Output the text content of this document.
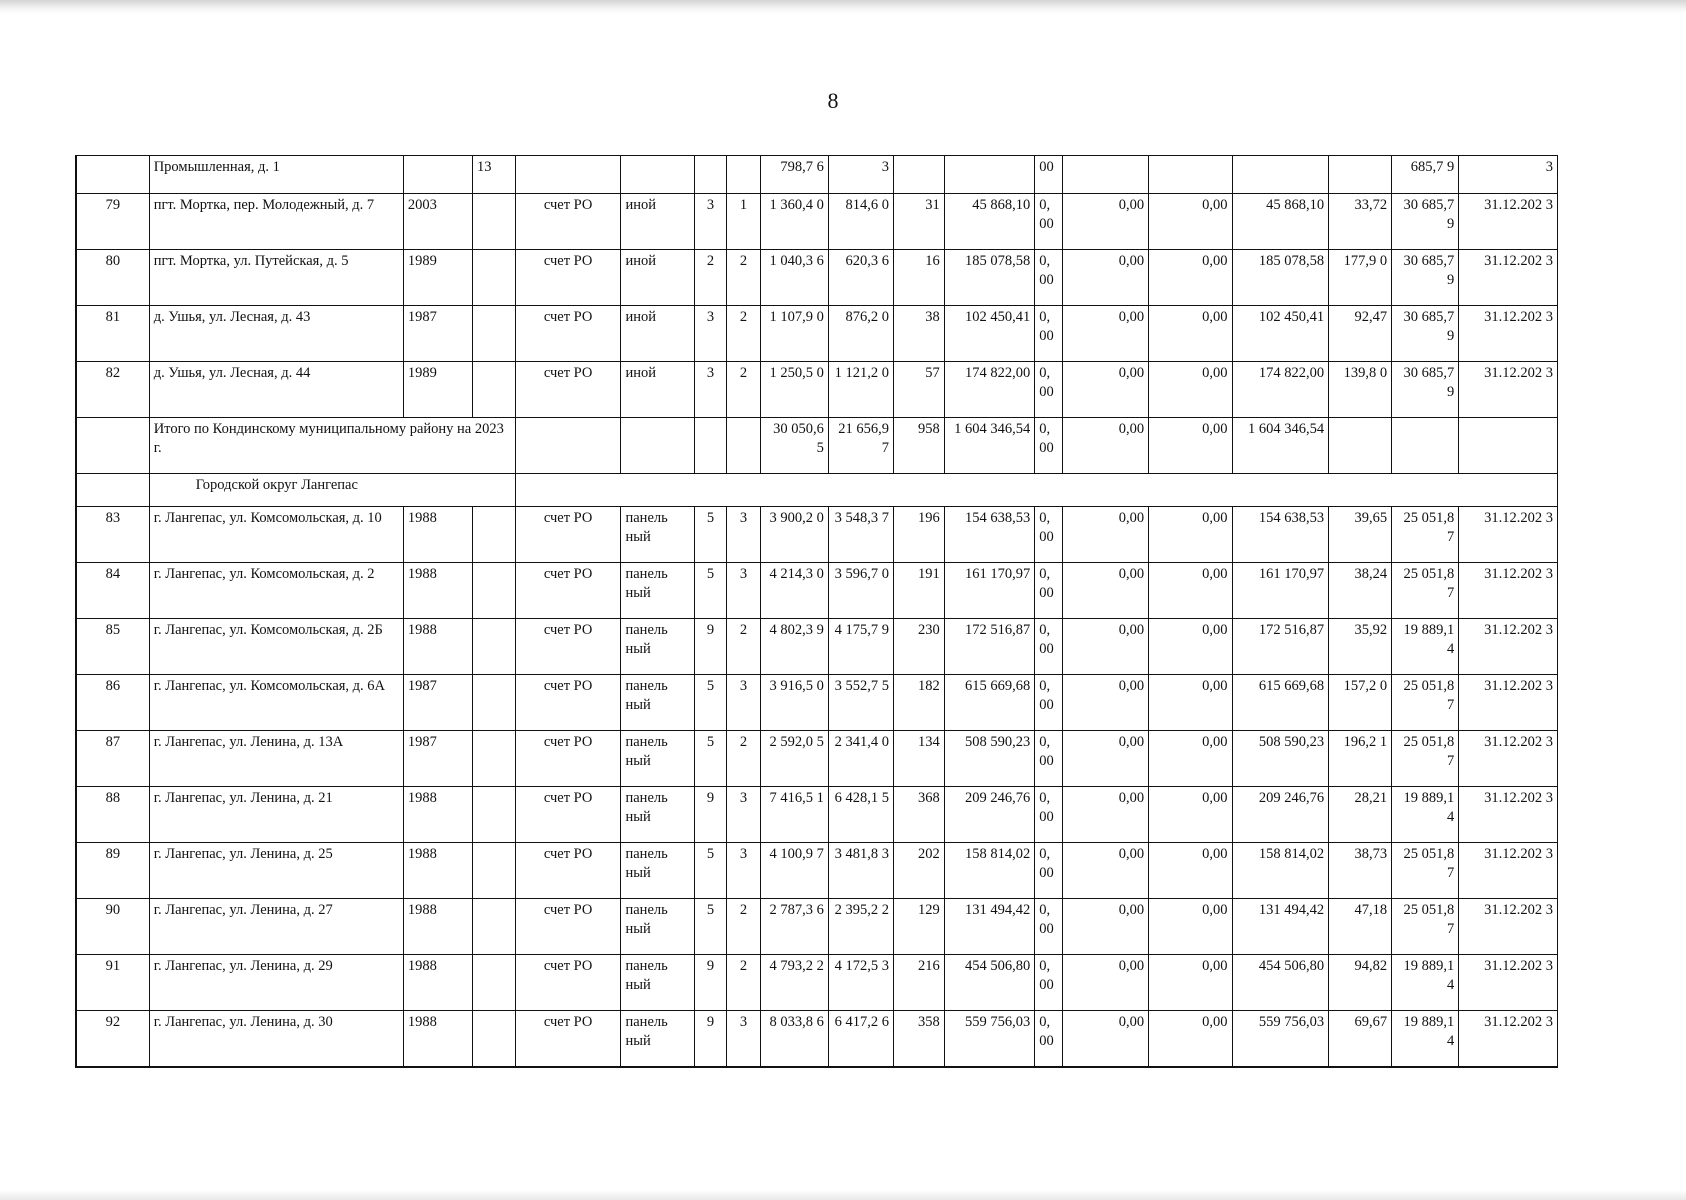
8
	Промышленная, д. 1		13					798,7 6	3			00					685,7 9	3
79	пгт. Мортка, пер. Молодежный, д. 7	2003		счет РО	иной	3	1	1 360,4 0	814,6 0	31	45 868,10	0, 00	0,00	0,00	45 868,10	33,72	30 685,7 9	31.12.202 3
80	пгт. Мортка, ул. Путейская, д. 5	1989		счет РО	иной	2	2	1 040,3 6	620,3 6	16	185 078,58	0, 00	0,00	0,00	185 078,58	177,9 0	30 685,7 9	31.12.202 3
81	д. Ушья, ул. Лесная, д. 43	1987		счет РО	иной	3	2	1 107,9 0	876,2 0	38	102 450,41	0, 00	0,00	0,00	102 450,41	92,47	30 685,7 9	31.12.202 3
82	д. Ушья, ул. Лесная, д. 44	1989		счет РО	иной	3	2	1 250,5 0	1 121,2 0	57	174 822,00	0, 00	0,00	0,00	174 822,00	139,8 0	30 685,7 9	31.12.202 3
	Итого по Кондинскому муниципальному району на 2023 г.							30 050,6 5	21 656,9 7	958	1 604 346,54	0, 00	0,00	0,00	1 604 346,54			
	Городской округ Лангепас																	
83	г. Лангепас, ул. Комсомольская, д. 10	1988		счет РО	панель ный	5	3	3 900,2 0	3 548,3 7	196	154 638,53	0, 00	0,00	0,00	154 638,53	39,65	25 051,8 7	31.12.202 3
84	г. Лангепас, ул. Комсомольская, д. 2	1988		счет РО	панель ный	5	3	4 214,3 0	3 596,7 0	191	161 170,97	0, 00	0,00	0,00	161 170,97	38,24	25 051,8 7	31.12.202 3
85	г. Лангепас, ул. Комсомольская, д. 2Б	1988		счет РО	панель ный	9	2	4 802,3 9	4 175,7 9	230	172 516,87	0, 00	0,00	0,00	172 516,87	35,92	19 889,1 4	31.12.202 3
86	г. Лангепас, ул. Комсомольская, д. 6А	1987		счет РО	панель ный	5	3	3 916,5 0	3 552,7 5	182	615 669,68	0, 00	0,00	0,00	615 669,68	157,2 0	25 051,8 7	31.12.202 3
87	г. Лангепас, ул. Ленина, д. 13А	1987		счет РО	панель ный	5	2	2 592,0 5	2 341,4 0	134	508 590,23	0, 00	0,00	0,00	508 590,23	196,2 1	25 051,8 7	31.12.202 3
88	г. Лангепас, ул. Ленина, д. 21	1988		счет РО	панель ный	9	3	7 416,5 1	6 428,1 5	368	209 246,76	0, 00	0,00	0,00	209 246,76	28,21	19 889,1 4	31.12.202 3
89	г. Лангепас, ул. Ленина, д. 25	1988		счет РО	панель ный	5	3	4 100,9 7	3 481,8 3	202	158 814,02	0, 00	0,00	0,00	158 814,02	38,73	25 051,8 7	31.12.202 3
90	г. Лангепас, ул. Ленина, д. 27	1988		счет РО	панель ный	5	2	2 787,3 6	2 395,2 2	129	131 494,42	0, 00	0,00	0,00	131 494,42	47,18	25 051,8 7	31.12.202 3
91	г. Лангепас, ул. Ленина, д. 29	1988		счет РО	панель ный	9	2	4 793,2 2	4 172,5 3	216	454 506,80	0, 00	0,00	0,00	454 506,80	94,82	19 889,1 4	31.12.202 3
92	г. Лангепас, ул. Ленина, д. 30	1988		счет РО	панель ный	9	3	8 033,8 6	6 417,2 6	358	559 756,03	0, 00	0,00	0,00	559 756,03	69,67	19 889,1 4	31.12.202 3
